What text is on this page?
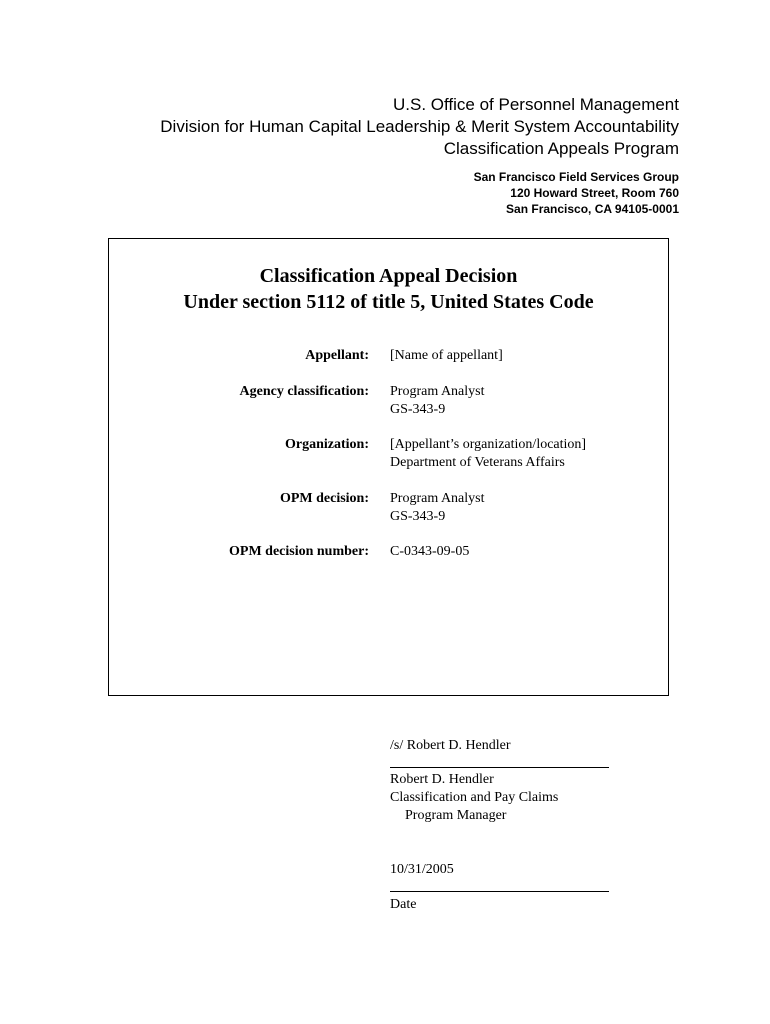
U.S. Office of Personnel Management
Division for Human Capital Leadership & Merit System Accountability
Classification Appeals Program
San Francisco Field Services Group
120 Howard Street, Room 760
San Francisco, CA 94105-0001
Classification Appeal Decision
Under section 5112 of title 5, United States Code
Appellant: [Name of appellant]
Agency classification: Program Analyst
GS-343-9
Organization: [Appellant’s organization/location]
Department of Veterans Affairs
OPM decision: Program Analyst
GS-343-9
OPM decision number: C-0343-09-05
/s/ Robert D. Hendler
Robert D. Hendler
Classification and Pay Claims
Program Manager
10/31/2005
Date
